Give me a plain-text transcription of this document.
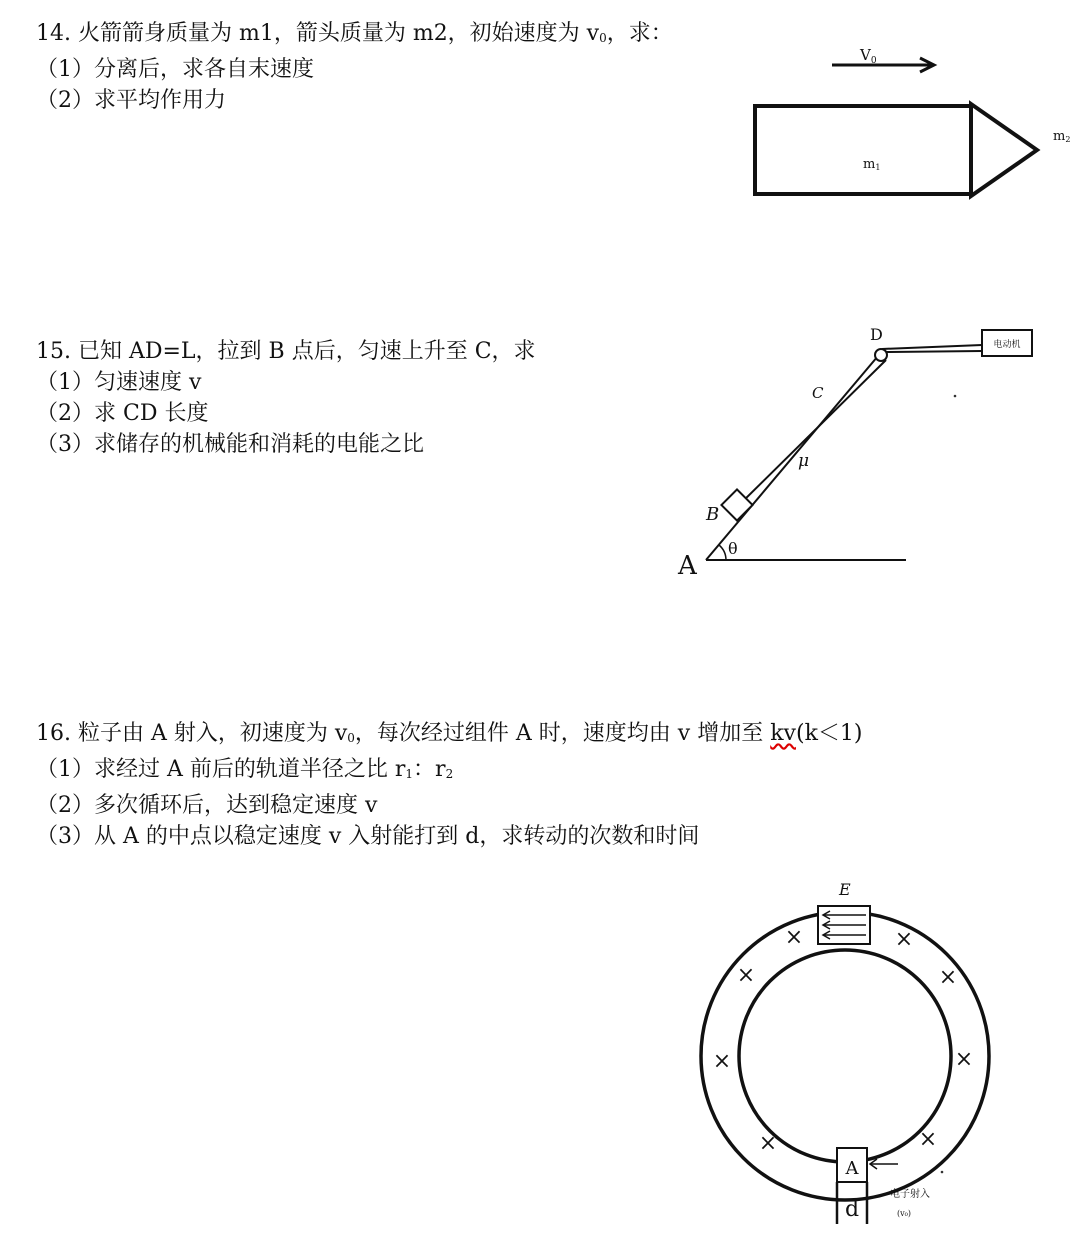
14. 火箭箭身质量为 m1，箭头质量为 m2，初始速度为 v0，求：

（1）分离后，求各自末速度

（2）求平均作用力

$V_0$
m1
m2

15. 已知 AD=L，拉到 B 点后，匀速上升至 C，求

（1）匀速速度 v

（2）求 CD 长度

（3）求储存的机械能和消耗的电能之比

A
θ
B
μ
C
D
电动机

16. 粒子由 A 射入，初速度为 v0，每次经过组件 A 时，速度均由 v 增加至 kv(k＜1)

（1）求经过 A 前后的轨道半径之比 r1：r2

（2）多次循环后，达到稳定速度 v

（3）从 A 的中点以稳定速度 v 入射能打到 d，求转动的次数和时间

E
×	×
×	×
×	×
×	×
A
d
电子射入
(v₀)
